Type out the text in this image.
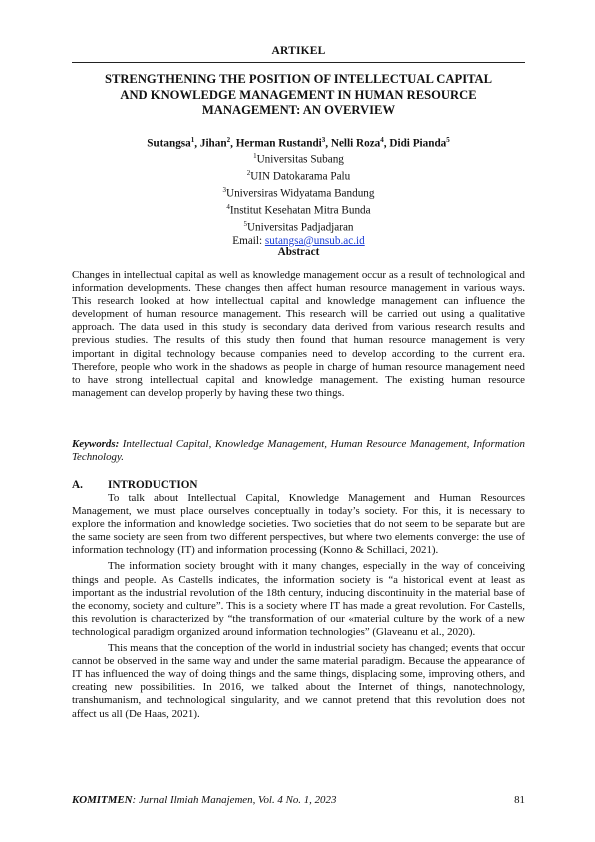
ARTIKEL
STRENGTHENING THE POSITION OF INTELLECTUAL CAPITAL
AND KNOWLEDGE MANAGEMENT IN HUMAN RESOURCE
MANAGEMENT: AN OVERVIEW
Sutangsa$^1$, Jihan$^2$, Herman Rustandi$^3$, Nelli Roza$^4$, Didi Pianda$^5$
$^1$Universitas Subang
$^2$UIN Datokarama Palu
$^3$Universiras Widyatama Bandung
$^4$Institut Kesehatan Mitra Bunda
$^5$Universitas Padjadjaran
Email: sutangsa@unsub.ac.id
Abstract
Changes in intellectual capital as well as knowledge management occur as a result of technological and information developments. These changes then affect human resource management in various ways. This research looked at how intellectual capital and knowledge management can influence the development of human resource management. This research will be carried out using a qualitative approach. The data used in this study is secondary data derived from various research results and previous studies. The results of this study then found that human resource management is very important in digital technology because companies need to develop according to the current era. Therefore, people who work in the shadows as people in charge of human resource management need to have strong intellectual capital and knowledge management. The existing human resource management can develop properly by having these two things.
Keywords: Intellectual Capital, Knowledge Management, Human Resource Management, Information Technology.
A. INTRODUCTION

To talk about Intellectual Capital, Knowledge Management and Human Resources Management, we must place ourselves conceptually in today’s society. For this, it is necessary to explore the information and knowledge societies. Two societies that do not seem to be separate but are the same society are seen from two different perspectives, but where two elements converge: the use of information technology (IT) and information processing (Konno & Schillaci, 2021).

The information society brought with it many changes, especially in the way of conceiving things and people. As Castells indicates, the information society is “a historical event at least as important as the industrial revolution of the 18th century, inducing discontinuity in the material base of the economy, society and culture”. This is a society where IT has made a great revolution. For Castells, this revolution is characterized by “the transformation of our «material culture by the work of a new technological paradigm organized around information technologies” (Glaveanu et al., 2020).

This means that the conception of the world in industrial society has changed; events that occur cannot be observed in the same way and under the same material paradigm. Because the appearance of IT has influenced the way of doing things and the same things, displacing some, improving others, and creating new possibilities. In 2016, we talked about the Internet of things, nanotechnology, transhumanism, and technological singularity, and we cannot pretend that this revolution does not affect us all (De Haas, 2021).

KOMITMEN: Jurnal Ilmiah Manajemen, Vol. 4 No. 1, 2023	81
